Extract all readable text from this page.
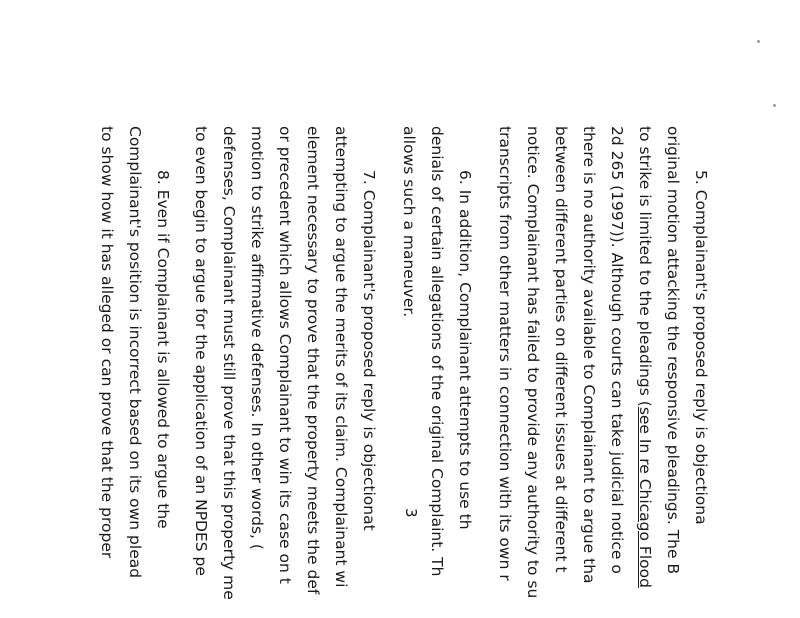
5. Complainant's proposed reply is objectiona
original motion attacking the responsive pleadings. The B
to strike is limited to the pleadings (see In re Chicago Flood
2d 265 (1997)). Although courts can take judicial notice o
there is no authority available to Complainant to argue tha
between different parties on different issues at different t
notice. Complainant has failed to provide any authority to su
transcripts from other matters in connection with its own r
6. In addition, Complainant attempts to use th
denials of certain allegations of the original Complaint. Th
allows such a maneuver.
7. Complainant's proposed reply is objectionat
attempting to argue the merits of its claim. Complainant wi
element necessary to prove that the property meets the def
or precedent which allows Complainant to win its case on t
motion to strike affirmative defenses. In other words, (
defenses, Complainant must still prove that this property me
to even begin to argue for the application of an NPDES pe
8. Even if Complainant is allowed to argue the
Complainant's position is incorrect based on its own plead
to show how it has alleged or can prove that the proper	3
